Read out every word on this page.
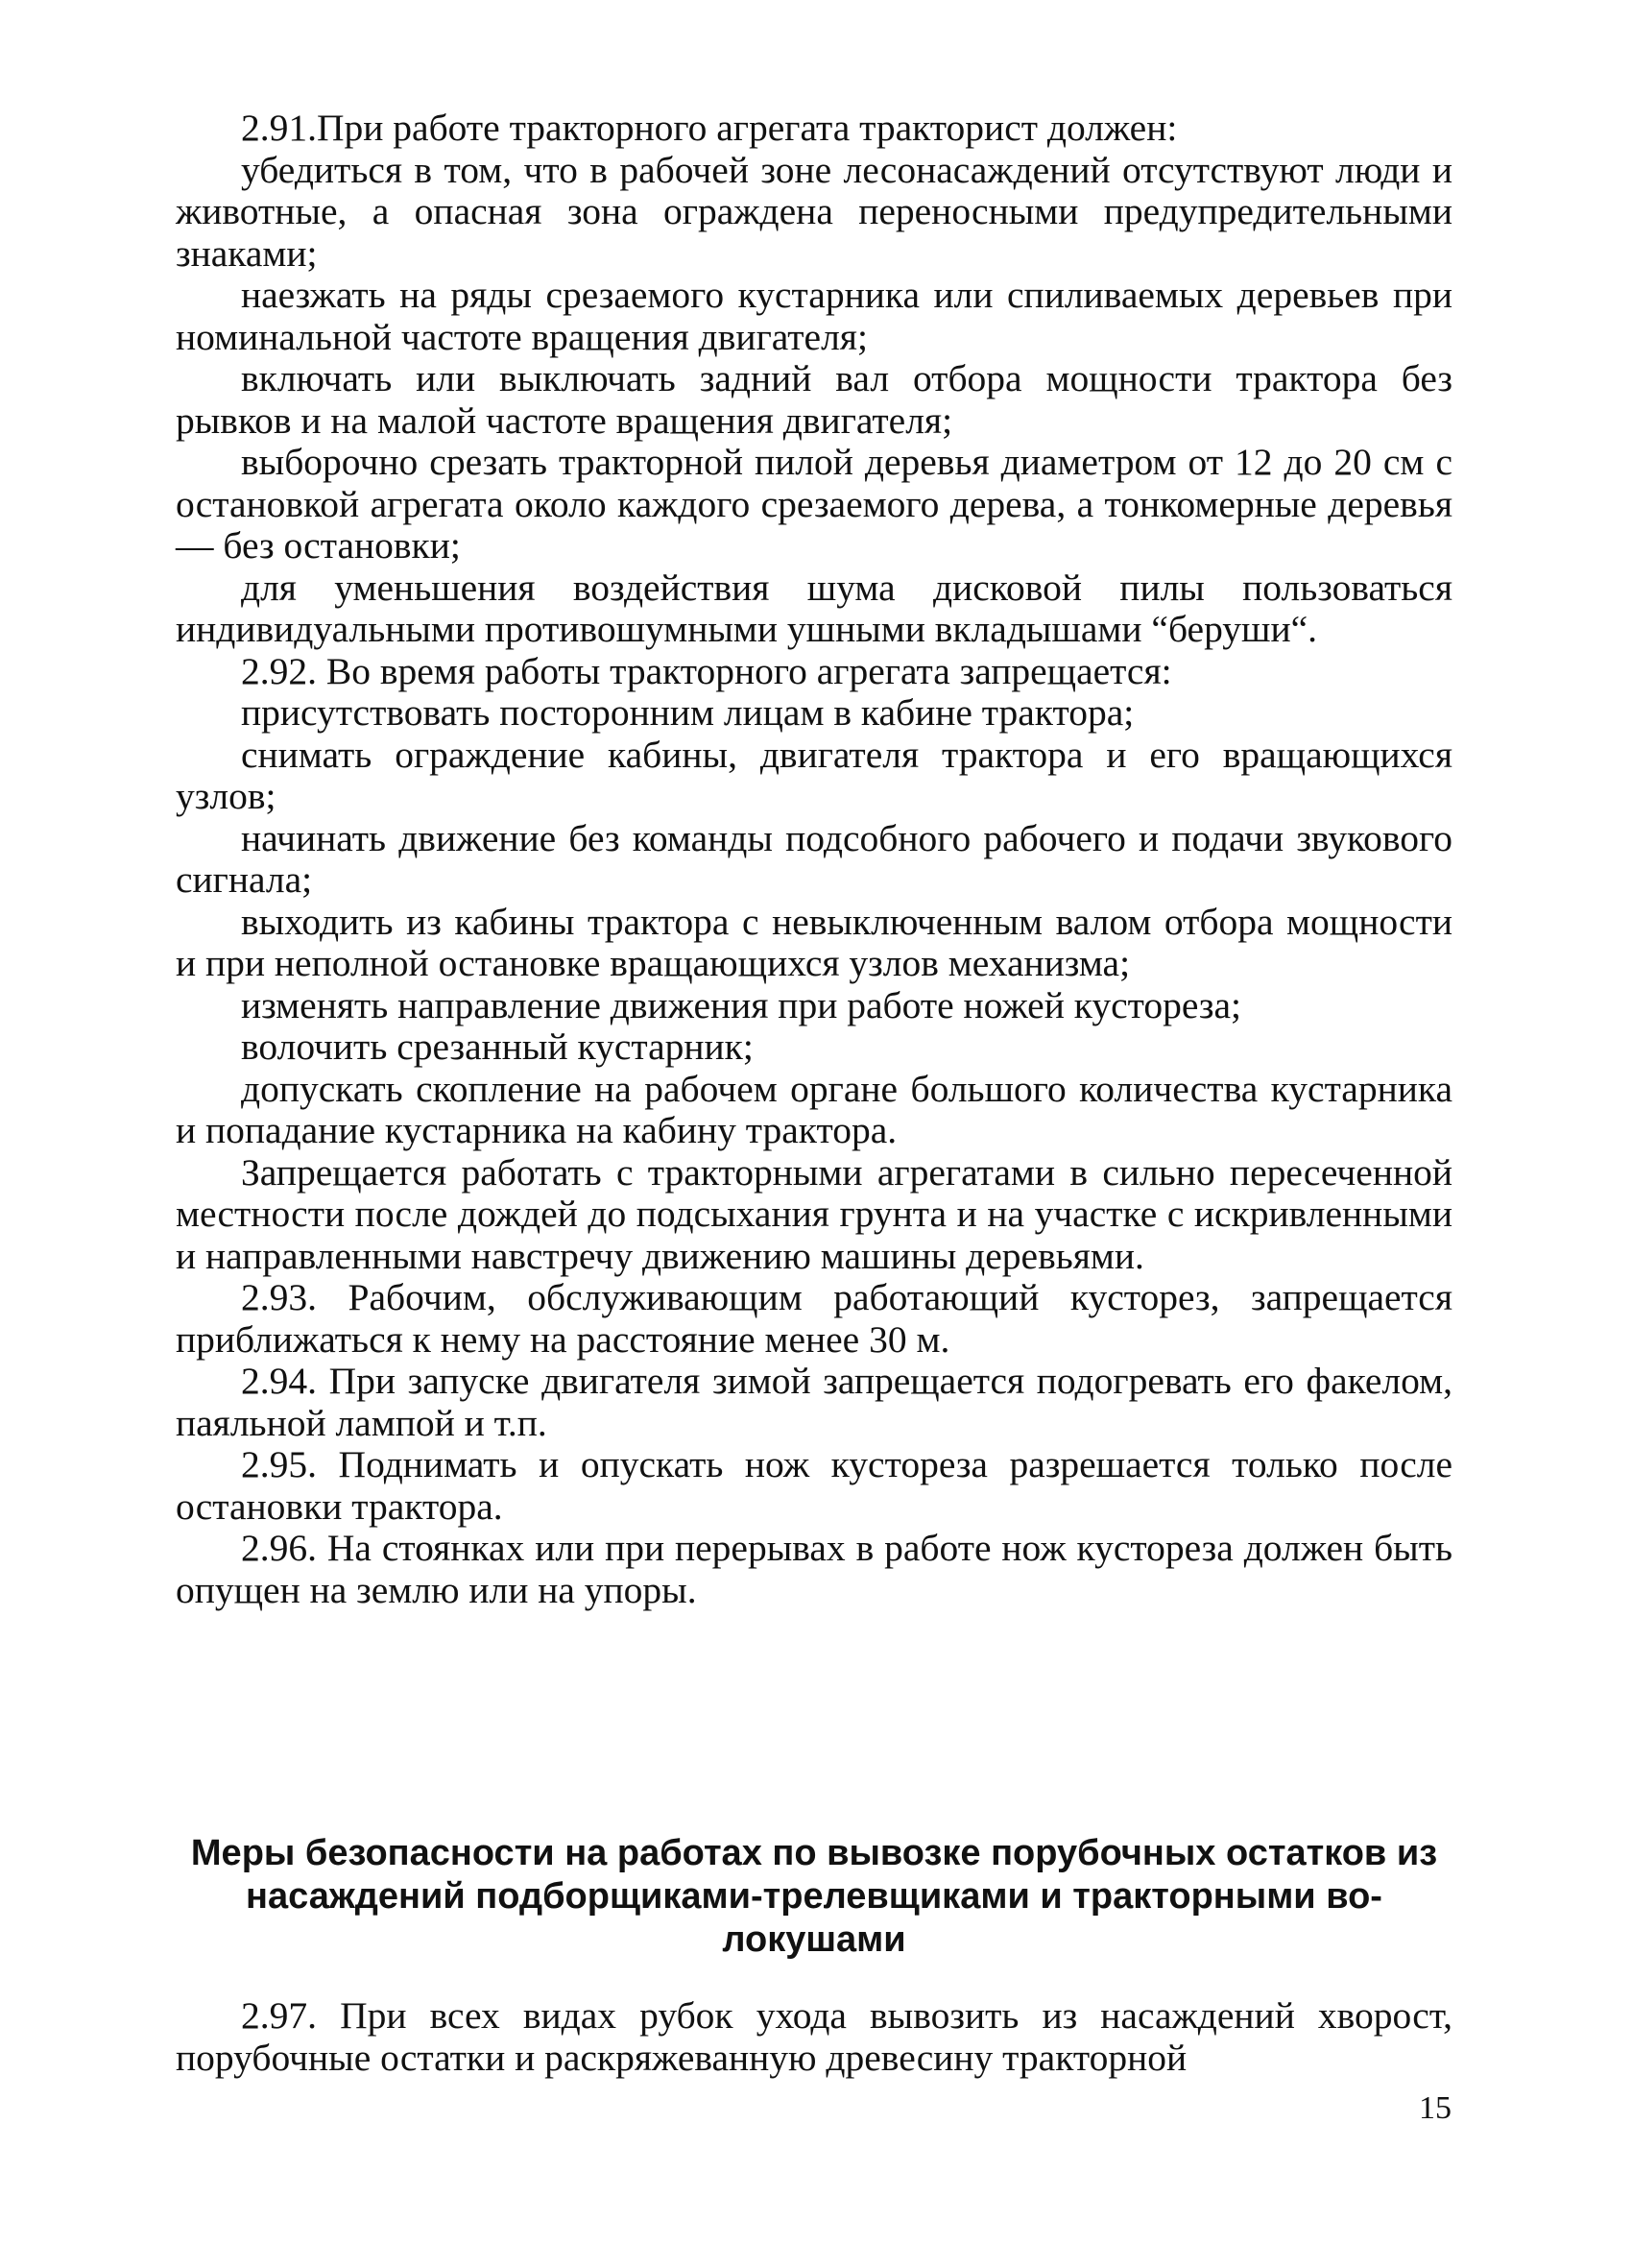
2.91.При работе тракторного агрегата тракторист должен:

убедиться в том, что в рабочей зоне лесонасаждений отсутствуют люди и животные, а опасная зона ограждена переносными предупредительными знаками;

наезжать на ряды срезаемого кустарника или спиливаемых деревьев при номинальной частоте вращения двигателя;

включать или выключать задний вал отбора мощности трактора без рывков и на малой частоте вращения двигателя;

выборочно срезать тракторной пилой деревья диаметром от 12 до 20 см с остановкой агрегата около каждого срезаемого дерева, а тонкомерные деревья — без остановки;

для уменьшения воздействия шума дисковой пилы пользоваться индивидуальными противошумными ушными вкладышами “беруши“.

2.92. Во время работы тракторного агрегата запрещается:

присутствовать посторонним лицам в кабине трактора;

снимать ограждение кабины, двигателя трактора и его вращающихся узлов;

начинать движение без команды подсобного рабочего и подачи звукового сигнала;

выходить из кабины трактора с невыключенным валом отбора мощности и при неполной остановке вращающихся узлов механизма;

изменять направление движения при работе ножей кустореза;

волочить срезанный кустарник;

допускать скопление на рабочем органе большого количества кустарника и попадание кустарника на кабину трактора.

Запрещается работать с тракторными агрегатами в сильно пересеченной местности после дождей до подсыхания грунта и на участке с искривленными и направленными навстречу движению машины деревьями.

2.93. Рабочим, обслуживающим работающий кусторез, запрещается приближаться к нему на расстояние менее 30 м.

2.94. При запуске двигателя зимой запрещается подогревать его факелом, паяльной лампой и т.п.

2.95. Поднимать и опускать нож кустореза разрешается только после остановки трактора.

2.96. На стоянках или при перерывах в работе нож кустореза должен быть опущен на землю или на упоры.

Меры безопасности на работах по вывозке порубочных остатков из насаждений подборщиками-трелевщиками и тракторными волокушами

2.97. При всех видах рубок ухода вывозить из насаждений хворост, порубочные остатки и раскряжеванную древесину тракторной

15
